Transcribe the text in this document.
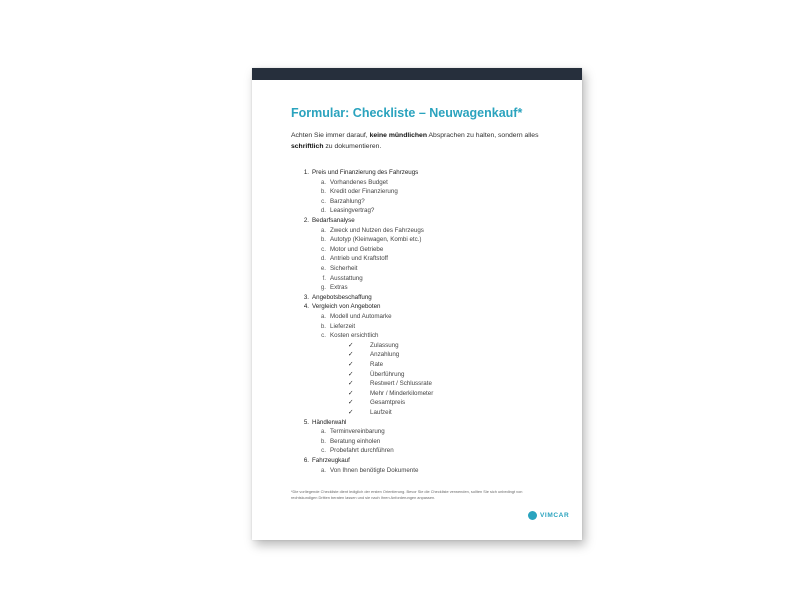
Formular: Checkliste – Neuwagenkauf*

Achten Sie immer darauf, keine mündlichen Absprachen zu halten, sondern alles schriftlich zu dokumentieren.

1. Preis und Finanzierung des Fahrzeugs
a. Vorhandenes Budget
b. Kredit oder Finanzierung
c. Barzahlung?
d. Leasingvertrag?
2. Bedarfsanalyse
a. Zweck und Nutzen des Fahrzeugs
b. Autotyp (Kleinwagen, Kombi etc.)
c. Motor und Getriebe
d. Antrieb und Kraftstoff
e. Sicherheit
f. Ausstattung
g. Extras
3. Angebotsbeschaffung
4. Vergleich von Angeboten
a. Modell und Automarke
b. Lieferzeit
c. Kosten ersichtlich
✓	Zulassung
✓	Anzahlung
✓	Rate
✓	Überführung
✓	Restwert / Schlussrate
✓	Mehr / Minderkilometer
✓	Gesamtpreis
✓	Laufzeit
5. Händlerwahl
a. Terminvereinbarung
b. Beratung einholen
c. Probefahrt durchführen
6. Fahrzeugkauf
a. Von Ihnen benötigte Dokumente

*Die vorliegende Checkliste dient lediglich der ersten Orientierung. Bevor Sie die Checkliste verwenden, sollten Sie sich unbedingt von rechtskundigen Dritten beraten lassen und sie nach Ihren Anforderungen anpassen.

VIMCAR
